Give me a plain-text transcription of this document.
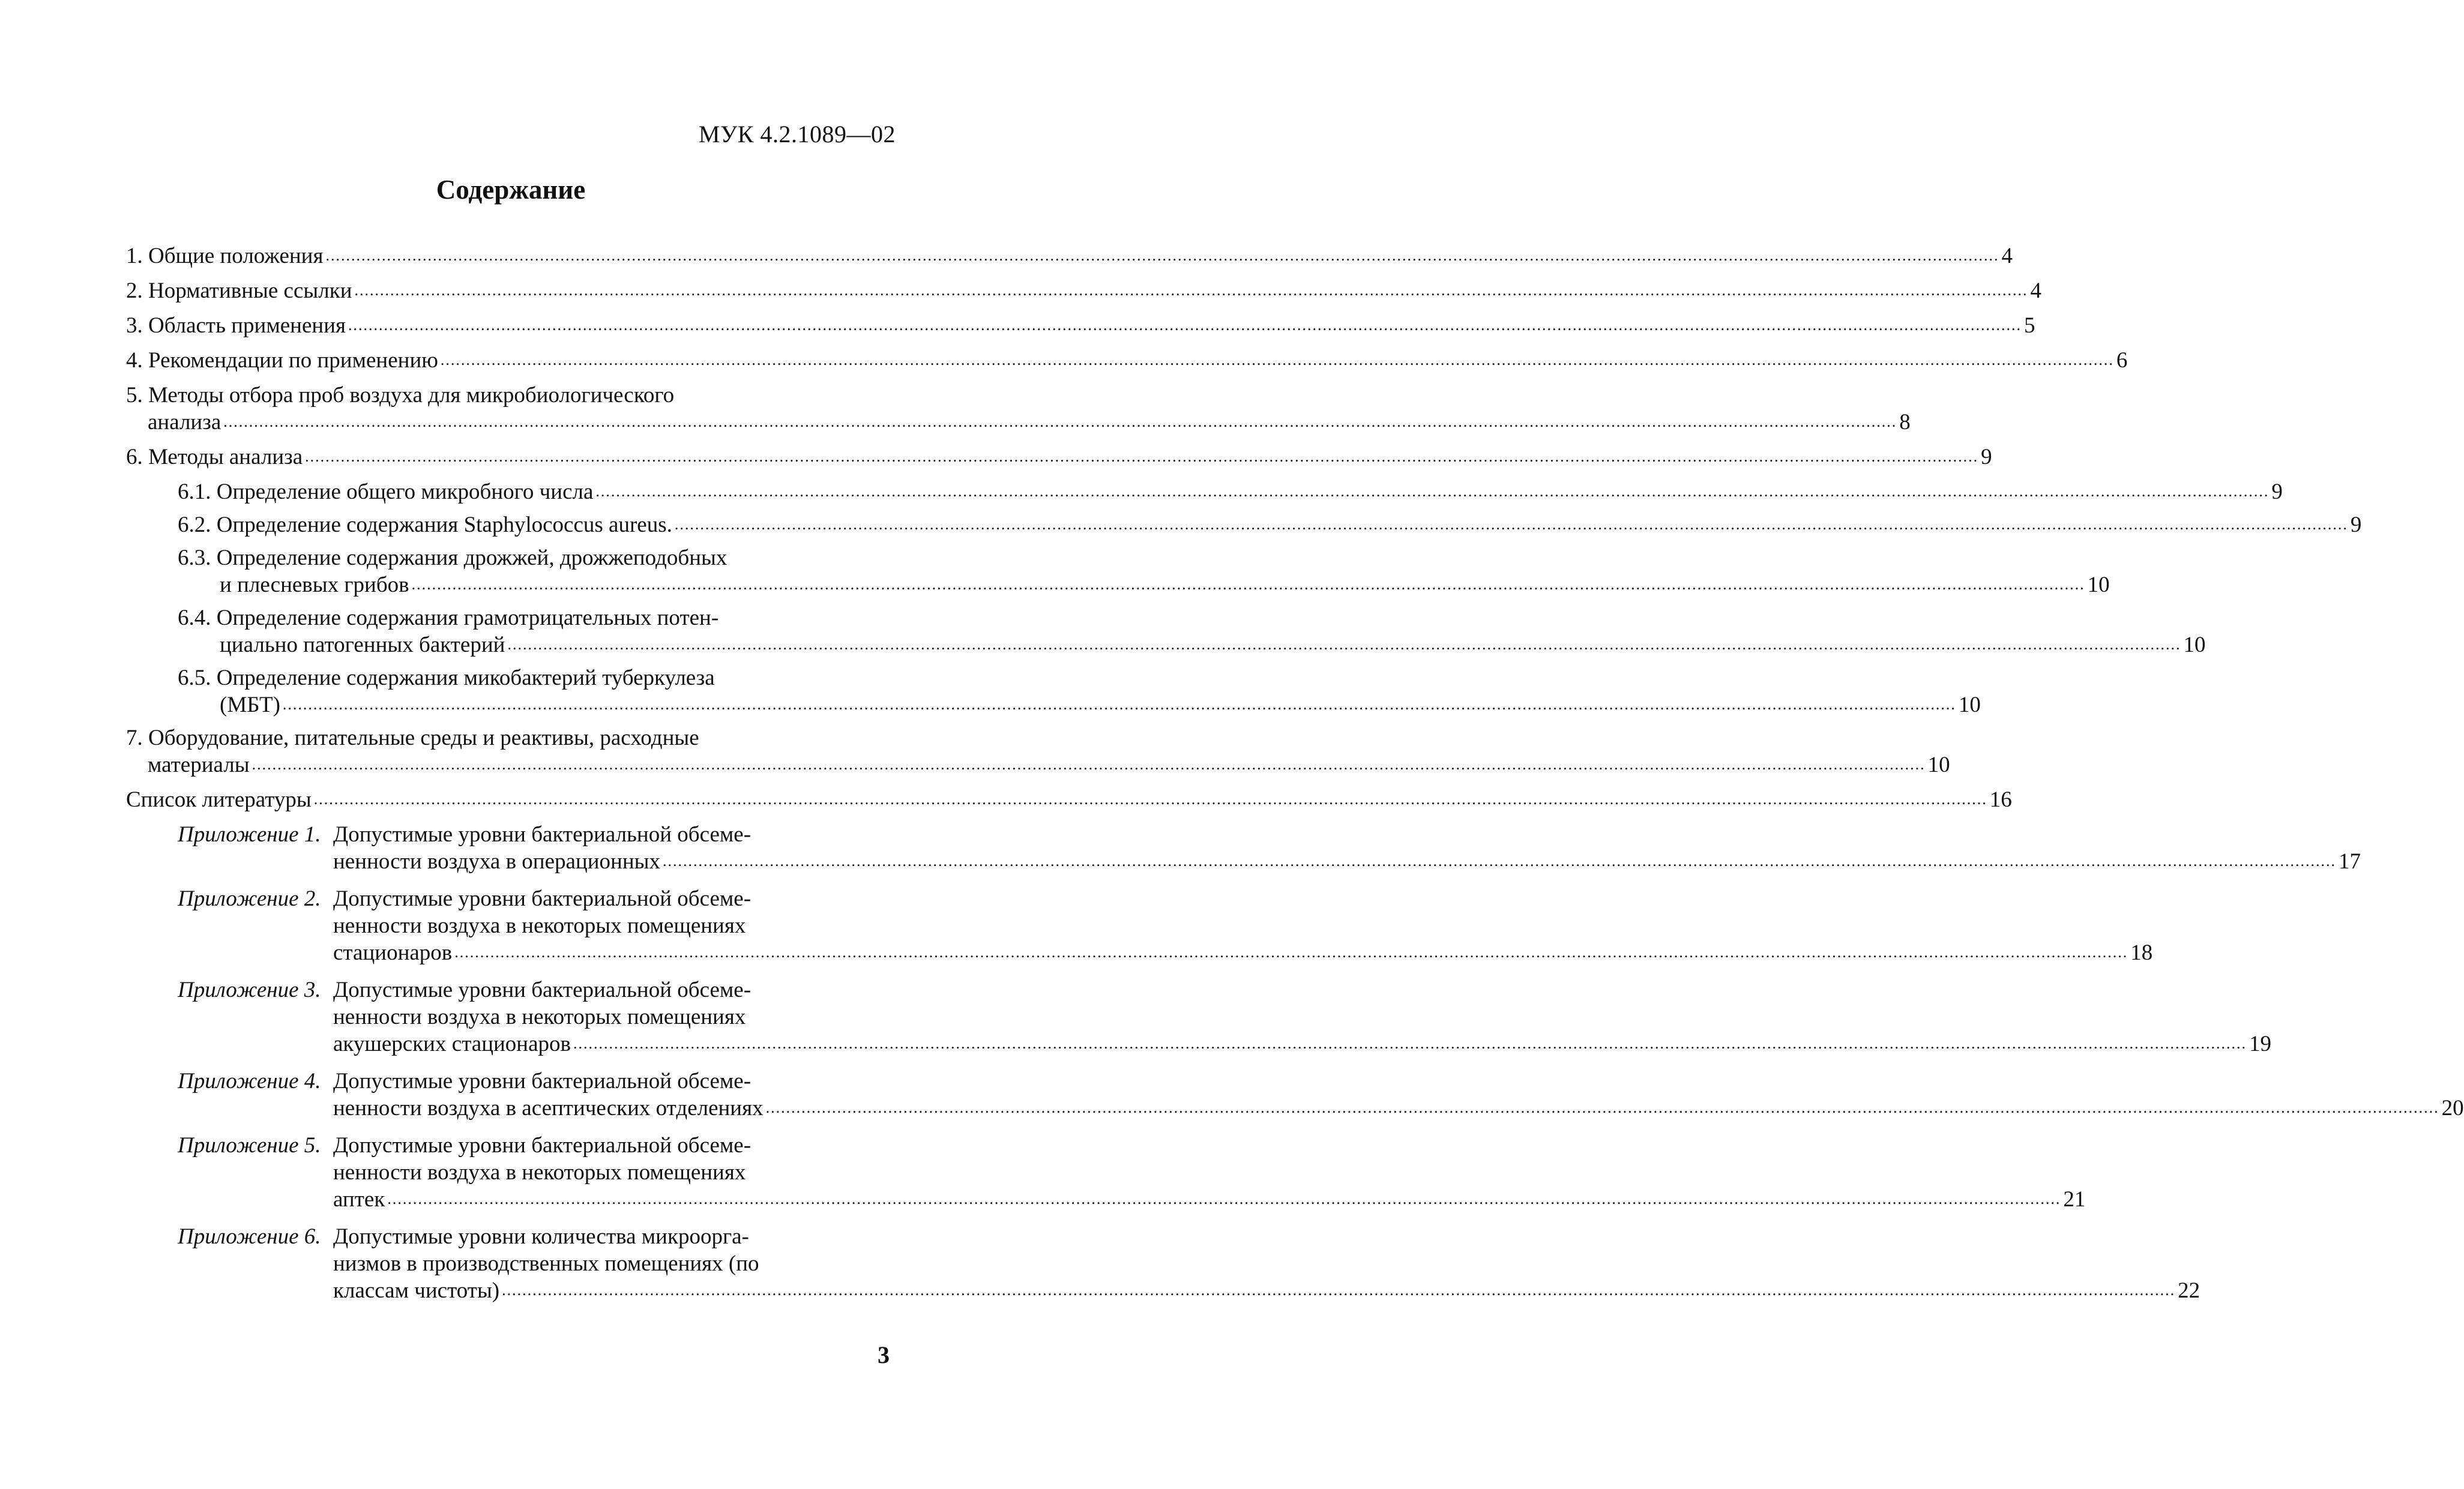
МУК 4.2.1089—02
Содержание
1. Общие положения .....	4
2. Нормативные ссылки .....	4
3. Область применения .....	5
4. Рекомендации по применению .....	6
5. Методы отбора проб воздуха для микробиологического
анализа .....	8
6. Методы анализа .....	9
6.1. Определение общего микробного числа .....	9
6.2. Определение содержания Staphylococcus aureus. .....	9
6.3. Определение содержания дрожжей, дрожжеподобных
и плесневых грибов .....	10
6.4. Определение содержания грамотрицательных потен-
циально патогенных бактерий .....	10
6.5. Определение содержания микобактерий туберкулеза
(МБТ) .....	10
7. Оборудование, питательные среды и реактивы, расходные
материалы .....	10
Список литературы .....	16
Приложение 1. Допустимые уровни бактериальной обсеме-
ненности воздуха в операционных .....	17
Приложение 2. Допустимые уровни бактериальной обсеме-
ненности воздуха в некоторых помещениях
стационаров .....	18
Приложение 3. Допустимые уровни бактериальной обсеме-
ненности воздуха в некоторых помещениях
акушерских стационаров .....	19
Приложение 4. Допустимые уровни бактериальной обсеме-
ненности воздуха в асептических отделениях .....	20
Приложение 5. Допустимые уровни бактериальной обсеме-
ненности воздуха в некоторых помещениях
аптек .....	21
Приложение 6. Допустимые уровни количества микроорга-
низмов в производственных помещениях (по
классам чистоты) .....	22
3
